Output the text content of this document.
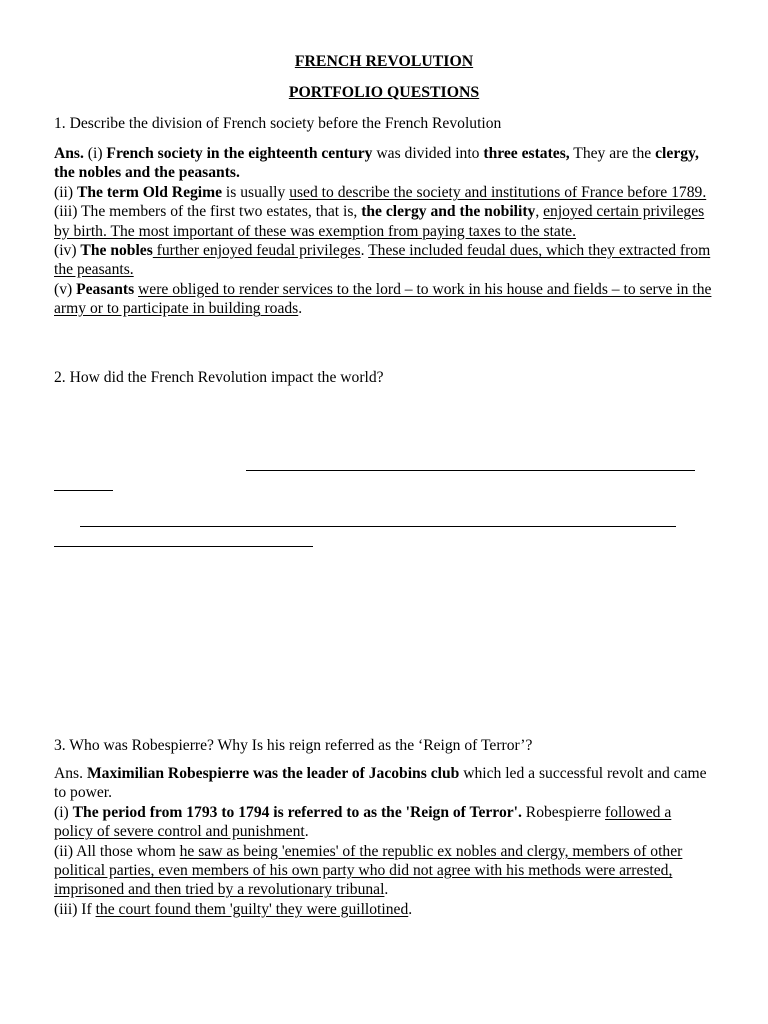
FRENCH REVOLUTION
PORTFOLIO QUESTIONS
1. Describe the division of French society before the French Revolution

Ans. (i) French society in the eighteenth century was divided into three estates, They are the clergy, the nobles and the peasants.

(ii) The term Old Regime is usually used to describe the society and institutions of France before 1789.

(iii) The members of the first two estates, that is, the clergy and the nobility, enjoyed certain privileges by birth. The most important of these was exemption from paying taxes to the state.

(iv) The nobles further enjoyed feudal privileges. These included feudal dues, which they extracted from the peasants.

(v) Peasants were obliged to render services to the lord – to work in his house and fields – to serve in the army or to participate in building roads.

2. How did the French Revolution impact the world?
3. Who was Robespierre? Why Is his reign referred as the ‘Reign of Terror’?

Ans. Maximilian Robespierre was the leader of Jacobins club which led a successful revolt and came to power.

(i) The period from 1793 to 1794 is referred to as the 'Reign of Terror'. Robespierre followed a policy of severe control and punishment.

(ii) All those whom he saw as being 'enemies' of the republic ex nobles and clergy, members of other political parties, even members of his own party who did not agree with his methods were arrested, imprisoned and then tried by a revolutionary tribunal.

(iii) If the court found them 'guilty' they were guillotined.
